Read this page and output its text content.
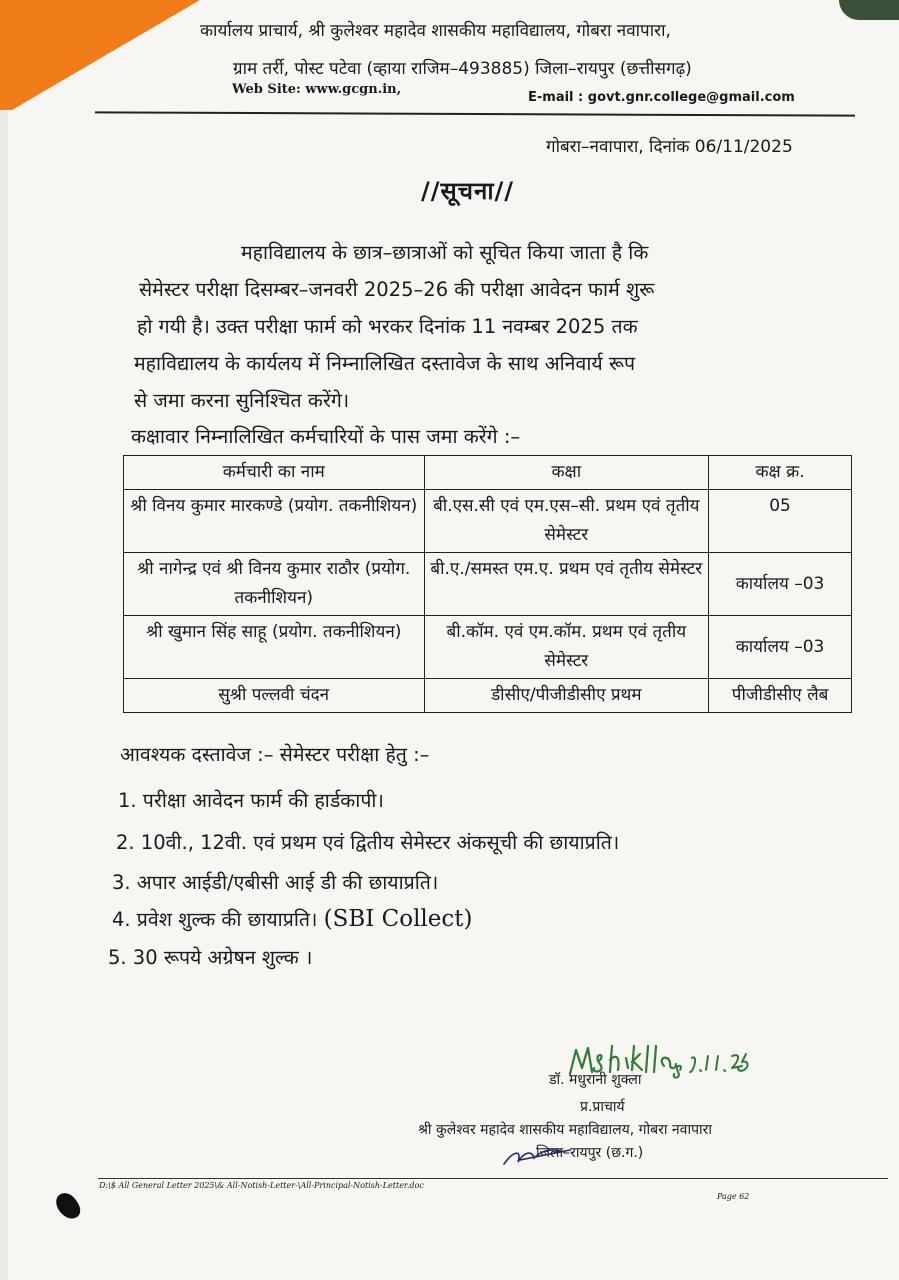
कार्यालय प्राचार्य, श्री कुलेश्वर महादेव शासकीय महाविद्यालय, गोबरा नवापारा,
ग्राम तर्री, पोस्ट पटेवा (व्हाया राजिम–493885) जिला–रायपुर (छत्तीसगढ़)
Web Site: www.gcgn.in,
E-mail : govt.gnr.college@gmail.com
गोबरा–नवापारा, दिनांक 06/11/2025
//सूचना//
महाविद्यालय के छात्र–छात्राओं को सूचित किया जाता है कि
सेमेस्टर परीक्षा दिसम्बर–जनवरी 2025–26 की परीक्षा आवेदन फार्म शुरू
हो गयी है। उक्त परीक्षा फार्म को भरकर दिनांक 11 नवम्बर 2025 तक
महाविद्यालय के कार्यलय में निम्नालिखित दस्तावेज के साथ अनिवार्य रूप
से जमा करना सुनिश्चित करेंगे।
कक्षावार निम्नालिखित कर्मचारियों के पास जमा करेंगे :–
कर्मचारी का नाम	कक्षा	कक्ष क्र.
श्री विनय कुमार मारकण्डे (प्रयोग. तकनीशियन)	बी.एस.सी एवं एम.एस–सी. प्रथम एवं तृतीय सेमेस्टर	05
श्री नागेन्द्र एवं श्री विनय कुमार राठौर (प्रयोग. तकनीशियन)	बी.ए./समस्त एम.ए. प्रथम एवं तृतीय सेमेस्टर	कार्यालय –03
श्री खुमान सिंह साहू (प्रयोग. तकनीशियन)	बी.कॉम. एवं एम.कॉम. प्रथम एवं तृतीय सेमेस्टर	कार्यालय –03
सुश्री पल्लवी चंदन	डीसीए/पीजीडीसीए प्रथम	पीजीडीसीए लैब
आवश्यक दस्तावेज :– सेमेस्टर परीक्षा हेतु :–
1. परीक्षा आवेदन फार्म की हार्डकापी।
2. 10वी., 12वी. एवं प्रथम एवं द्वितीय सेमेस्टर अंकसूची की छायाप्रति।
3. अपार आईडी/एबीसी आई डी की छायाप्रति।
4. प्रवेश शुल्क की छायाप्रति। (SBI Collect)
5. 30 रूपये अग्रेषन शुल्क ।
डॉ. मधुरानी शुक्ला
प्र.प्राचार्य
श्री कुलेश्वर महादेव शासकीय महाविद्यालय, गोबरा नवापारा
जिला–रायपुर (छ.ग.)
D:\$ All General Letter 2025\& All-Notish-Letter-\All-Principal-Notish-Letter.doc
Page 62
